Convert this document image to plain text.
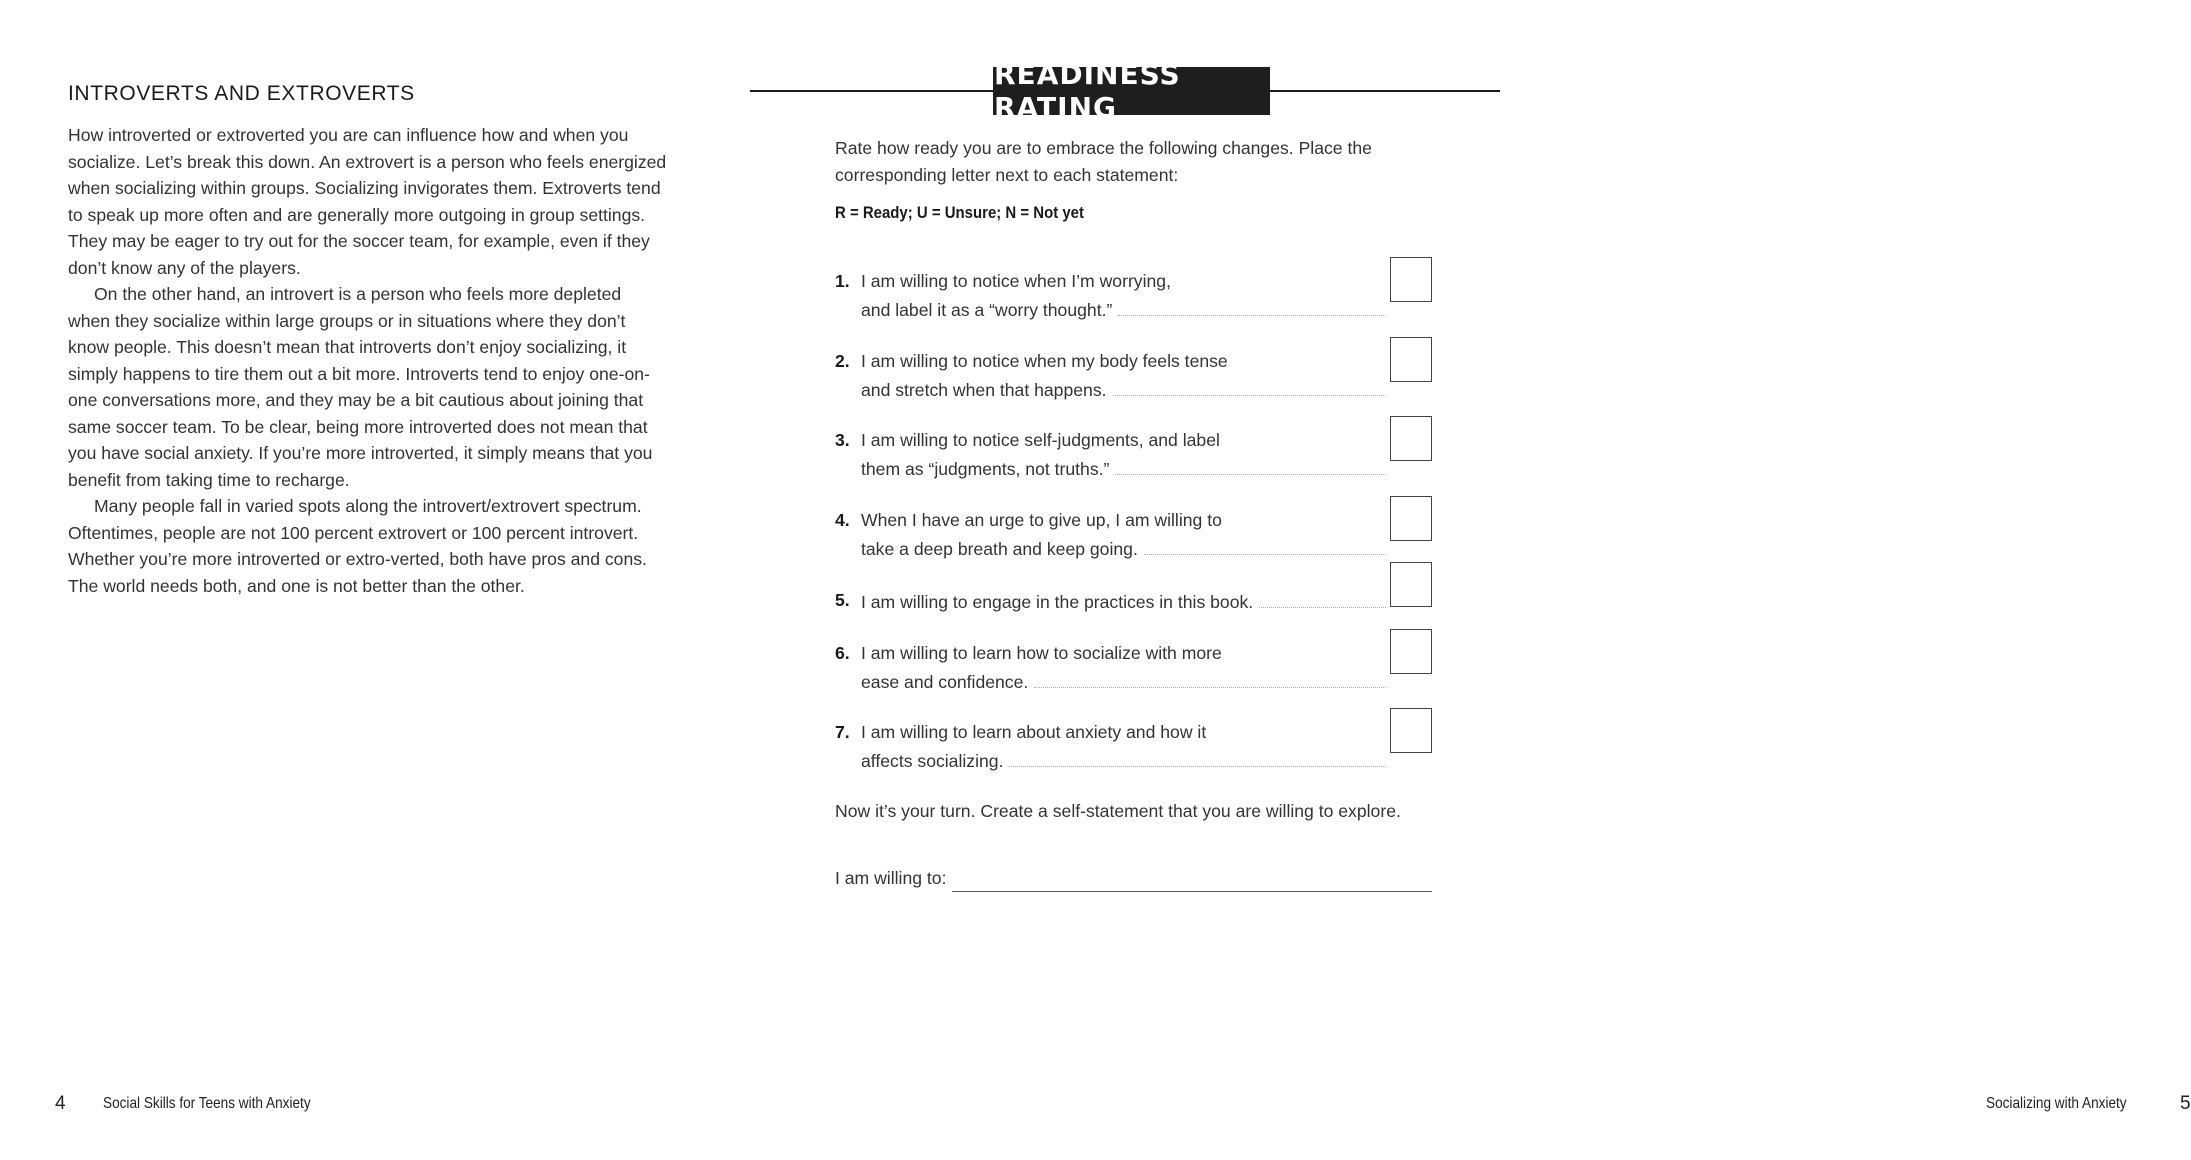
INTROVERTS AND EXTROVERTS

How introverted or extroverted you are can influence how and when you socialize. Let’s break this down. An extrovert is a person who feels energized when socializing within groups. Socializing invigorates them. Extroverts tend to speak up more often and are generally more outgoing in group settings. They may be eager to try out for the soccer team, for example, even if they don’t know any of the players.

On the other hand, an introvert is a person who feels more depleted when they socialize within large groups or in situations where they don’t know people. This doesn’t mean that introverts don’t enjoy socializing, it simply happens to tire them out a bit more. Introverts tend to enjoy one-on-one conversations more, and they may be a bit cautious about joining that same soccer team. To be clear, being more introverted does not mean that you have social anxiety. If you’re more introverted, it simply means that you benefit from taking time to recharge.

Many people fall in varied spots along the introvert/extrovert spectrum. Oftentimes, people are not 100 percent extrovert or 100 percent introvert. Whether you’re more introverted or extro-verted, both have pros and cons. The world needs both, and one is not better than the other.

4 Social Skills for Teens with Anxiety
READINESS RATING

Rate how ready you are to embrace the following changes. Place the corresponding letter next to each statement:

R = Ready; U = Unsure; N = Not yet

1. I am willing to notice when I’m worrying,
and label it as a “worry thought.”
2. I am willing to notice when my body feels tense
and stretch when that happens.
3. I am willing to notice self-judgments, and label
them as “judgments, not truths.”
4. When I have an urge to give up, I am willing to
take a deep breath and keep going.
5. I am willing to engage in the practices in this book.
6. I am willing to learn how to socialize with more
ease and confidence.
7. I am willing to learn about anxiety and how it
affects socializing.

Now it’s your turn. Create a self-statement that you are willing to explore.

I am willing to:
Socializing with Anxiety	5
